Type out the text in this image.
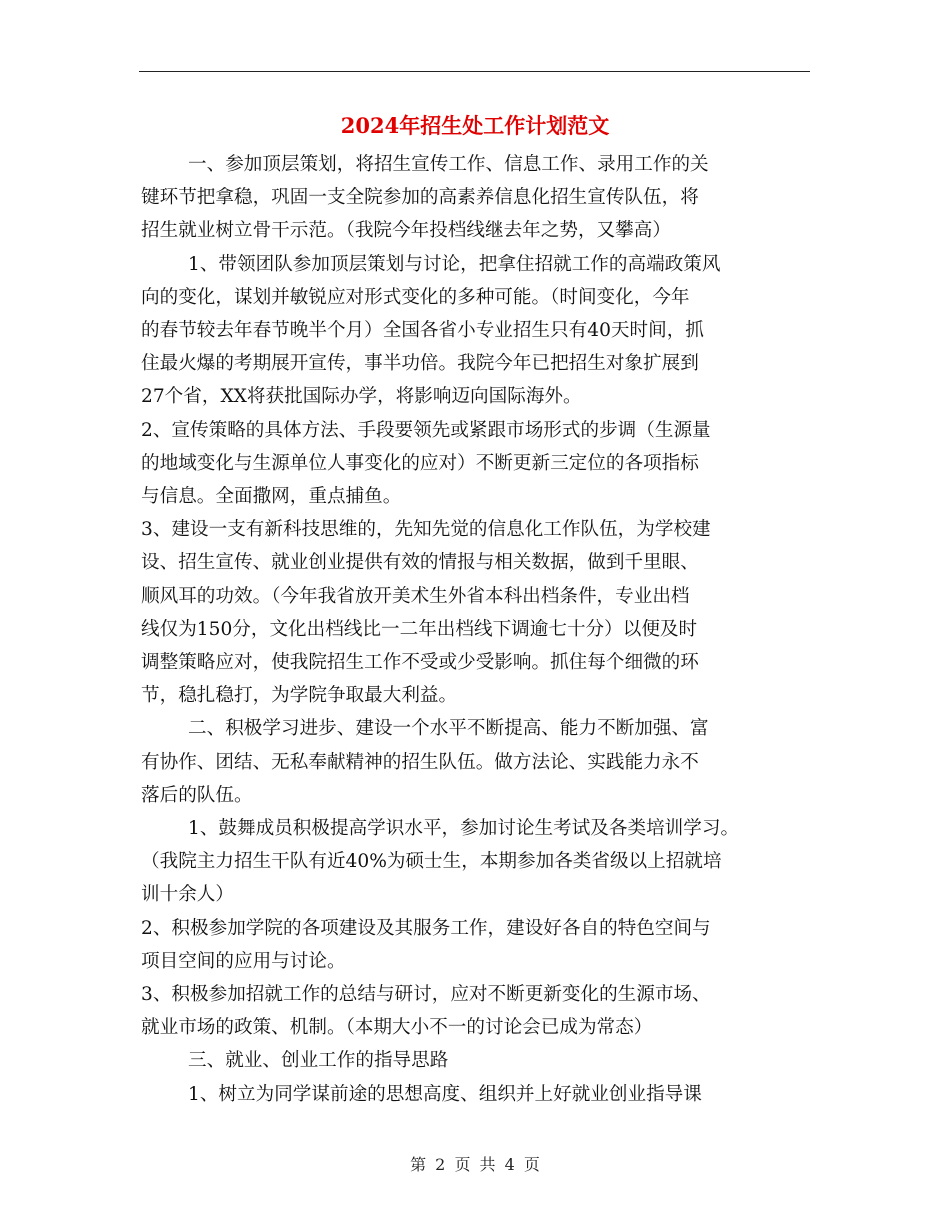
2024年招生处工作计划范文

一、参加顶层策划，将招生宣传工作、信息工作、录用工作的关

键环节把拿稳，巩固一支全院参加的高素养信息化招生宣传队伍，将

招生就业树立骨干示范。（我院今年投档线继去年之势，又攀高）

1、带领团队参加顶层策划与讨论，把拿住招就工作的高端政策风

向的变化，谋划并敏锐应对形式变化的多种可能。（时间变化，今年

的春节较去年春节晚半个月）全国各省小专业招生只有40天时间，抓

住最火爆的考期展开宣传，事半功倍。我院今年已把招生对象扩展到

27个省，XX将获批国际办学，将影响迈向国际海外。

2、宣传策略的具体方法、手段要领先或紧跟市场形式的步调（生源量

的地域变化与生源单位人事变化的应对）不断更新三定位的各项指标

与信息。全面撒网，重点捕鱼。

3、建设一支有新科技思维的，先知先觉的信息化工作队伍，为学校建

设、招生宣传、就业创业提供有效的情报与相关数据，做到千里眼、

顺风耳的功效。（今年我省放开美术生外省本科出档条件，专业出档

线仅为150分，文化出档线比一二年出档线下调逾七十分）以便及时

调整策略应对，使我院招生工作不受或少受影响。抓住每个细微的环

节，稳扎稳打，为学院争取最大利益。

二、积极学习进步、建设一个水平不断提高、能力不断加强、富

有协作、团结、无私奉献精神的招生队伍。做方法论、实践能力永不

落后的队伍。

1、鼓舞成员积极提高学识水平，参加讨论生考试及各类培训学习。

（我院主力招生干队有近40%为硕士生，本期参加各类省级以上招就培

训十余人）

2、积极参加学院的各项建设及其服务工作，建设好各自的特色空间与

项目空间的应用与讨论。

3、积极参加招就工作的总结与研讨，应对不断更新变化的生源市场、

就业市场的政策、机制。（本期大小不一的讨论会已成为常态）

三、就业、创业工作的指导思路

1、树立为同学谋前途的思想高度、组织并上好就业创业指导课

第 2 页 共 4 页
